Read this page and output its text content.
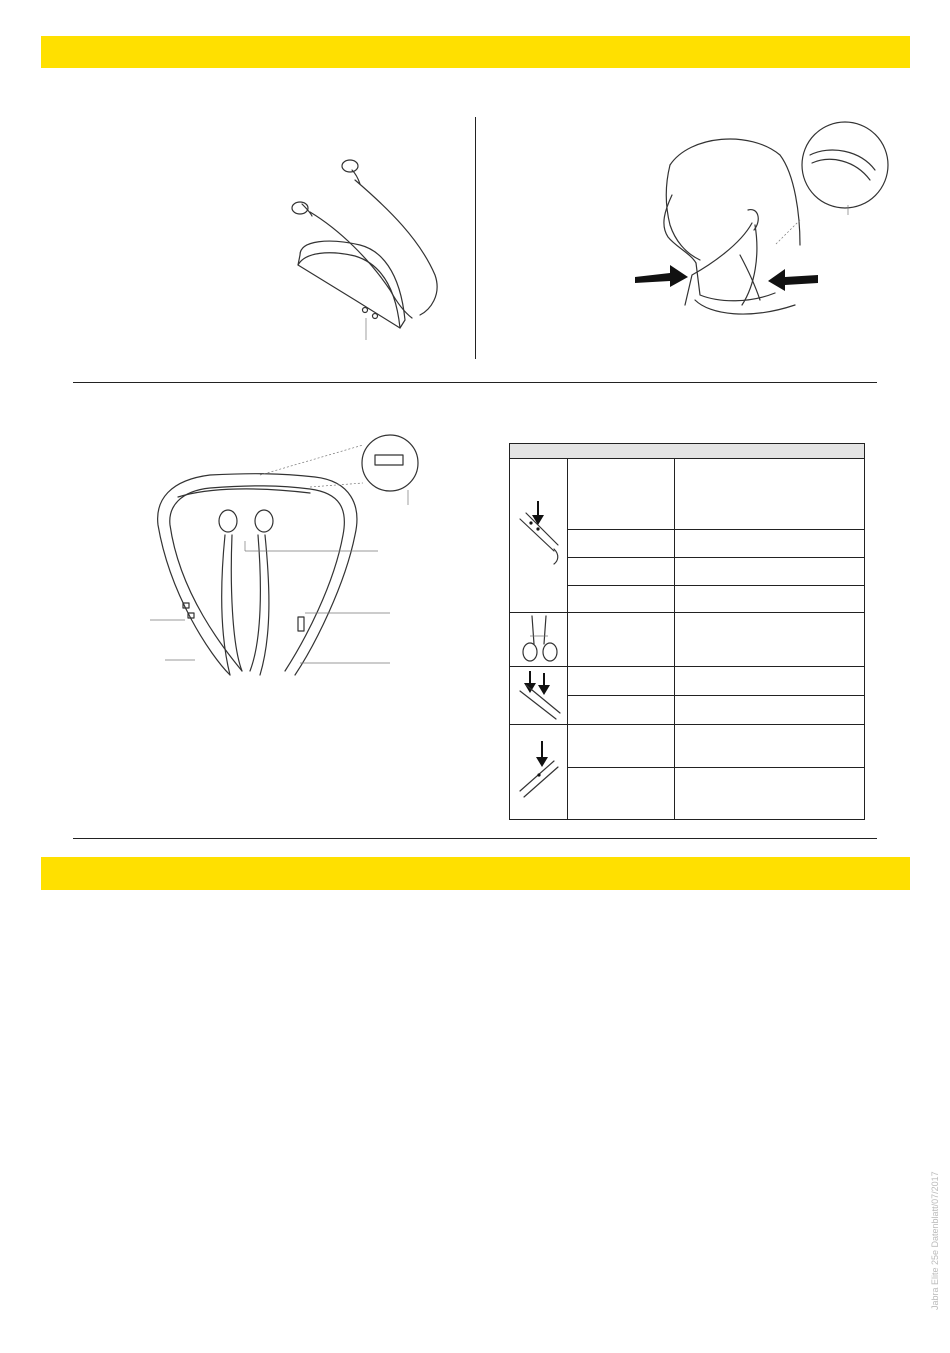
Jabra Elite 25e Datenblatt/07/2017
